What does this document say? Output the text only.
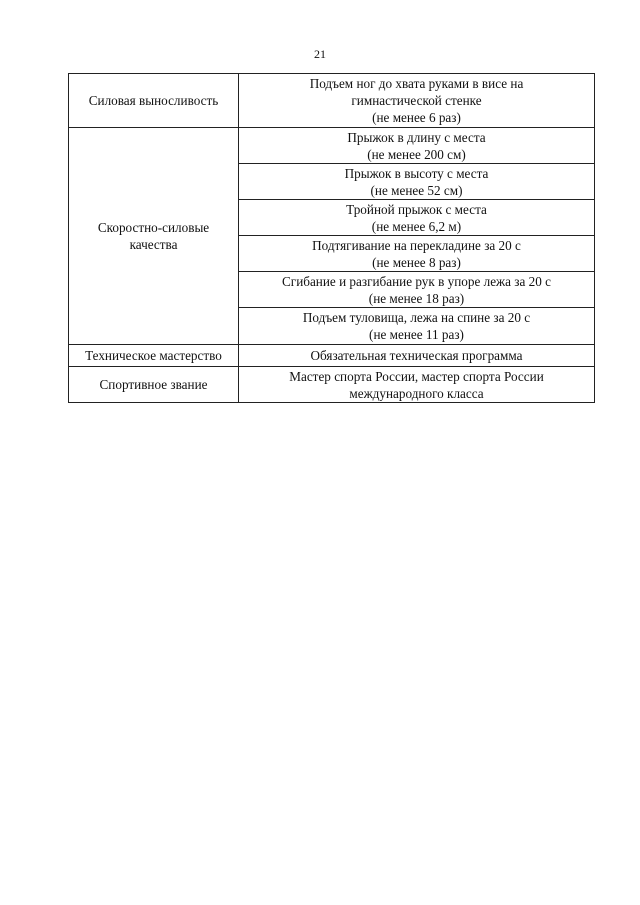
21
Силовая выносливость	Подъем ног до хвата руками в висе на
гимнастической стенке
(не менее 6 раз)

Скоростно-силовые
качества	Прыжок в длину с места
(не менее 200 см)

	Прыжок в высоту с места
(не менее 52 см)

	Тройной прыжок с места
(не менее 6,2 м)

	Подтягивание на перекладине за 20 с
(не менее 8 раз)

	Сгибание и разгибание рук в упоре лежа за 20 с
(не менее 18 раз)

	Подъем туловища, лежа на спине за 20 с
(не менее 11 раз)

Техническое мастерство	Обязательная техническая программа

Спортивное звание	Мастер спорта России, мастер спорта России
международного класса
